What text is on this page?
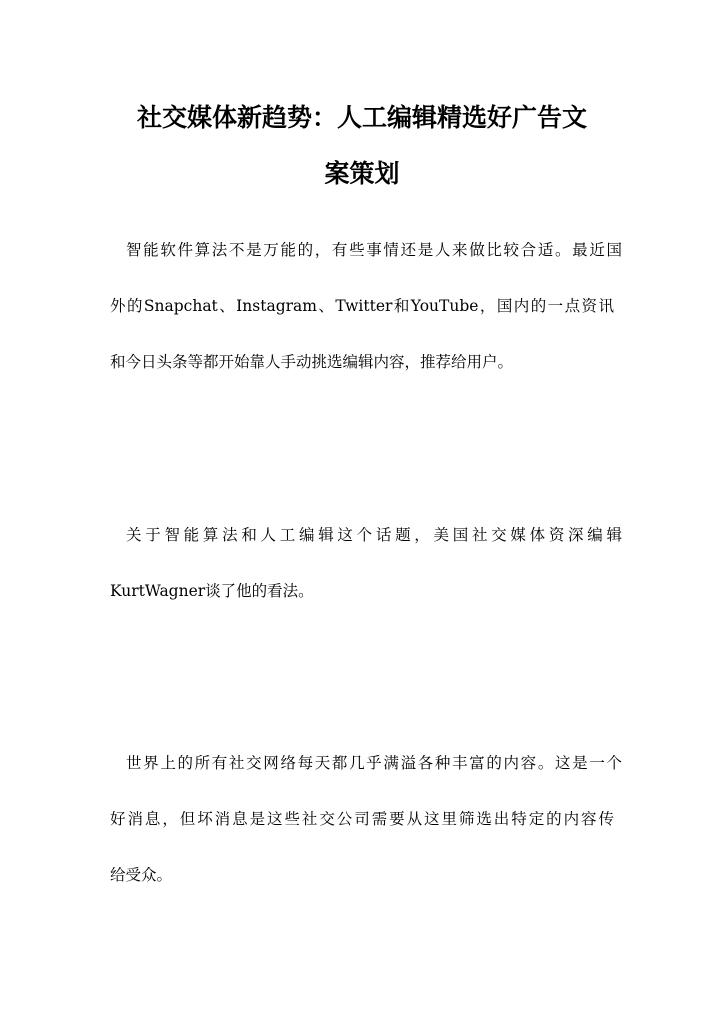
社交媒体新趋势：人工编辑精选好广告文
案策划
智能软件算法不是万能的，有些事情还是人来做比较合适。最近国
外的Snapchat、Instagram、Twitter和YouTube，国内的一点资讯
和今日头条等都开始靠人手动挑选编辑内容，推荐给用户。
关于智能算法和人工编辑这个话题，美国社交媒体资深编辑
KurtWagner谈了他的看法。
世界上的所有社交网络每天都几乎满溢各种丰富的内容。这是一个
好消息，但坏消息是这些社交公司需要从这里筛选出特定的内容传
给受众。
